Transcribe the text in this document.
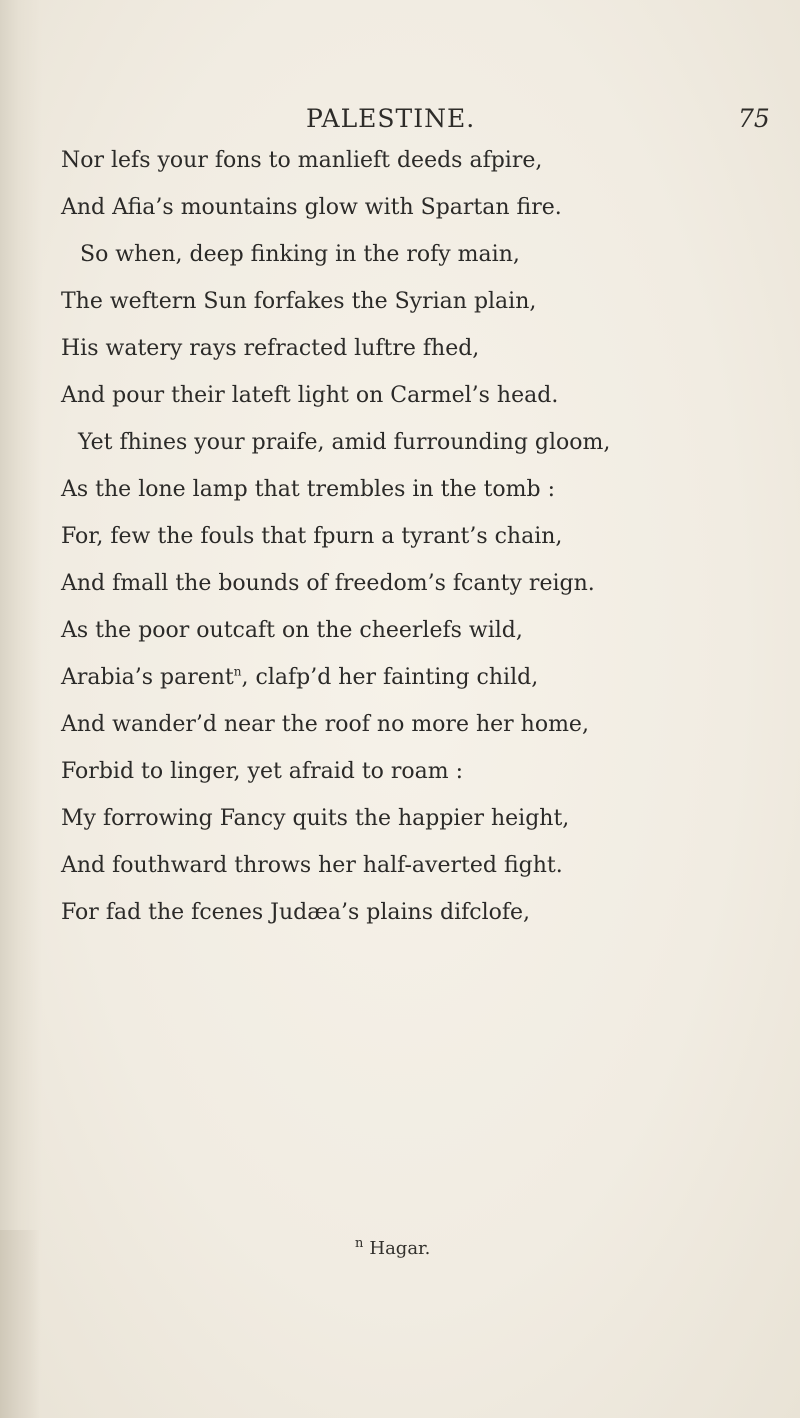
PALESTINE.	75
Nor lefs your fons to manlieft deeds afpire,
And Afia’s mountains glow with Spartan fire.
So when, deep finking in the rofy main,
The weftern Sun forfakes the Syrian plain,
His watery rays refracted luftre fhed,
And pour their lateft light on Carmel’s head.
Yet fhines your praife, amid furrounding gloom,
As the lone lamp that trembles in the tomb :
For, few the fouls that fpurn a tyrant’s chain,
And fmall the bounds of freedom’s fcanty reign.
As the poor outcaft on the cheerlefs wild,
Arabia’s parent$^n$, clafp’d her fainting child,
And wander’d near the roof no more her home,
Forbid to linger, yet afraid to roam :
My forrowing Fancy quits the happier height,
And fouthward throws her half-averted fight.
For fad the fcenes Judæa’s plains difclofe,
$^n$ Hagar.
